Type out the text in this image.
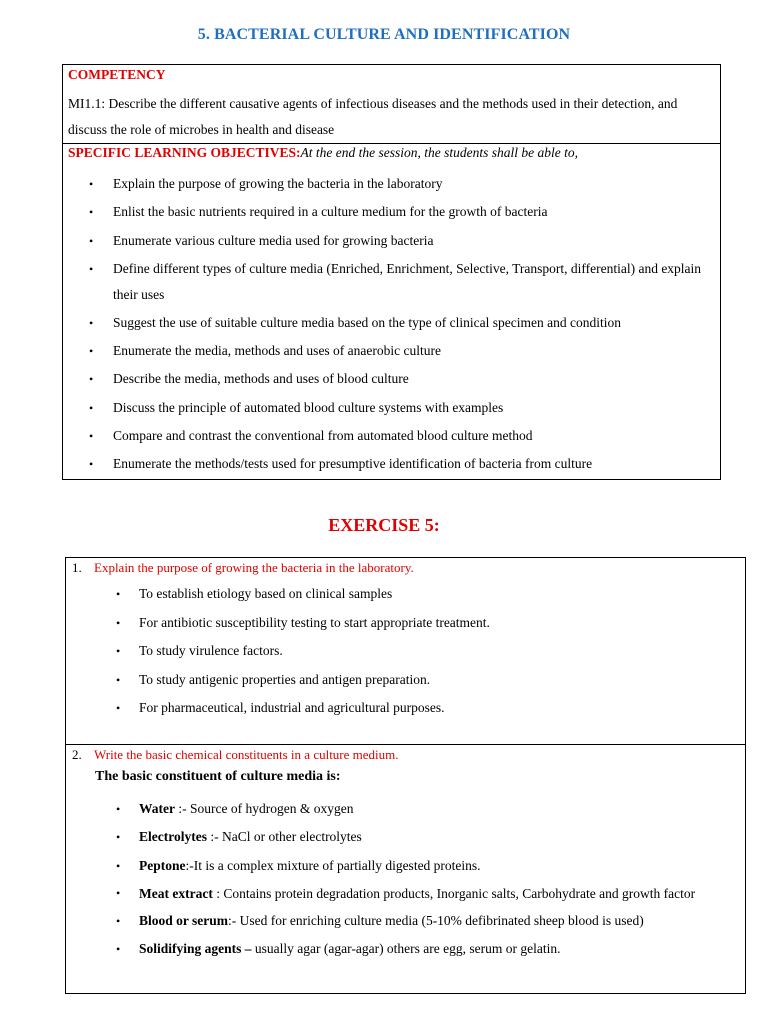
5. BACTERIAL CULTURE AND IDENTIFICATION
COMPETENCY
MI1.1: Describe the different causative agents of infectious diseases and the methods used in their detection, and discuss the role of microbes in health and disease
SPECIFIC LEARNING OBJECTIVES:At the end the session, the students shall be able to,
• Explain the purpose of growing the bacteria in the laboratory
• Enlist the basic nutrients required in a culture medium for the growth of bacteria
• Enumerate various culture media used for growing bacteria
• Define different types of culture media (Enriched, Enrichment, Selective, Transport, differential) and explain their uses
• Suggest the use of suitable culture media based on the type of clinical specimen and condition
• Enumerate the media, methods and uses of anaerobic culture
• Describe the media, methods and uses of blood culture
• Discuss the principle of automated blood culture systems with examples
• Compare and contrast the conventional from automated blood culture method
• Enumerate the methods/tests used for presumptive identification of bacteria from culture
EXERCISE 5:
1. Explain the purpose of growing the bacteria in the laboratory.
• To establish etiology based on clinical samples
• For antibiotic susceptibility testing to start appropriate treatment.
• To study virulence factors.
• To study antigenic properties and antigen preparation.
• For pharmaceutical, industrial and agricultural purposes.
2. Write the basic chemical constituents in a culture medium.
The basic constituent of culture media is:
• Water :- Source of hydrogen & oxygen
• Electrolytes :- NaCl or other electrolytes
• Peptone:-It is a complex mixture of partially digested proteins.
• Meat extract : Contains protein degradation products, Inorganic salts, Carbohydrate and growth factor
• Blood or serum:- Used for enriching culture media (5-10% defibrinated sheep blood is used)
• Solidifying agents – usually agar (agar-agar) others are egg, serum or gelatin.
